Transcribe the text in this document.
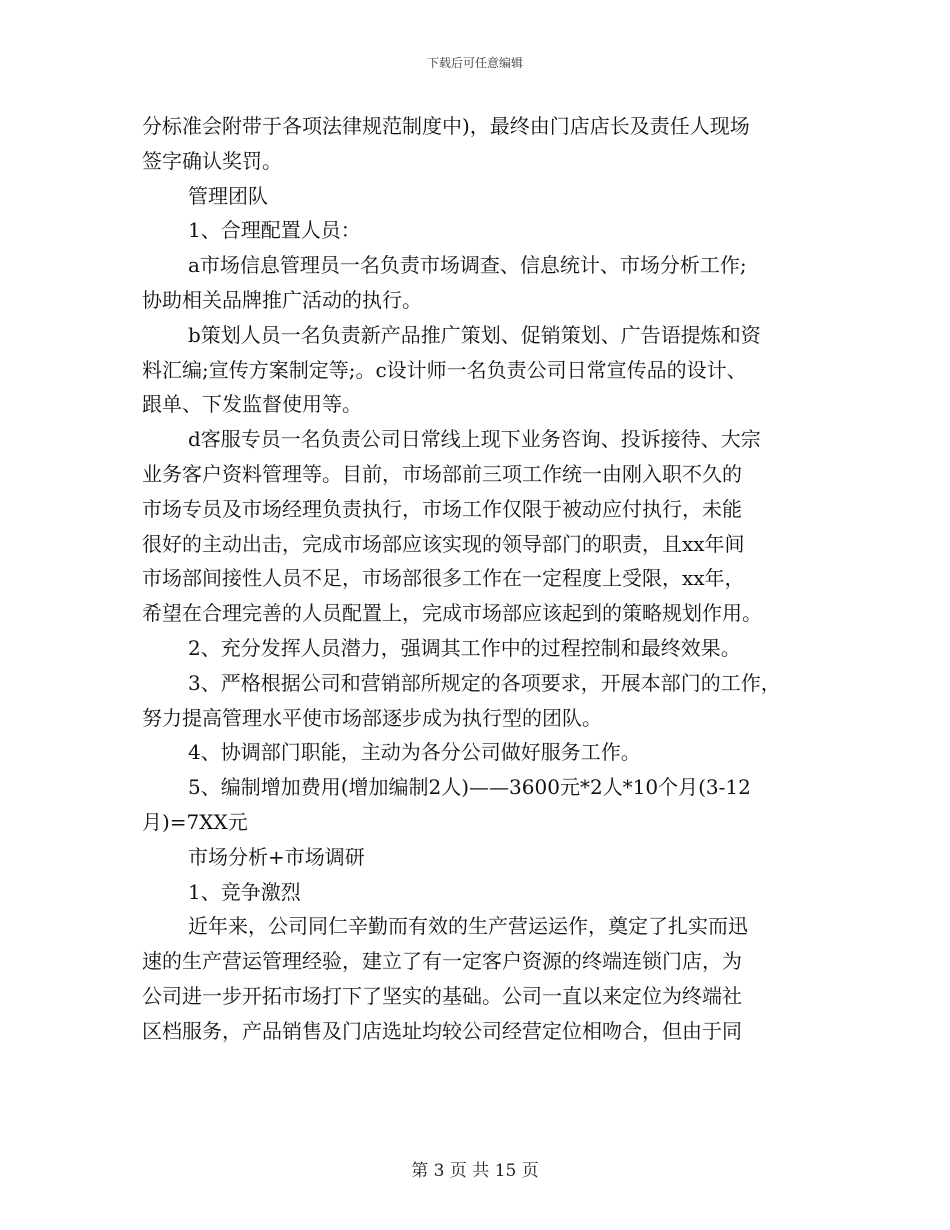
下载后可任意编辑
分标准会附带于各项法律规范制度中)，最终由门店店长及责任人现场
签字确认奖罚。
管理团队
1、合理配置人员：
a市场信息管理员一名负责市场调查、信息统计、市场分析工作;
协助相关品牌推广活动的执行。
b策划人员一名负责新产品推广策划、促销策划、广告语提炼和资
料汇编;宣传方案制定等;。c设计师一名负责公司日常宣传品的设计、
跟单、下发监督使用等。
d客服专员一名负责公司日常线上现下业务咨询、投诉接待、大宗
业务客户资料管理等。目前，市场部前三项工作统一由刚入职不久的
市场专员及市场经理负责执行，市场工作仅限于被动应付执行，未能
很好的主动出击，完成市场部应该实现的领导部门的职责，且xx年间
市场部间接性人员不足，市场部很多工作在一定程度上受限，xx年，
希望在合理完善的人员配置上，完成市场部应该起到的策略规划作用。
2、充分发挥人员潜力，强调其工作中的过程控制和最终效果。
3、严格根据公司和营销部所规定的各项要求，开展本部门的工作，
努力提高管理水平使市场部逐步成为执行型的团队。
4、协调部门职能，主动为各分公司做好服务工作。
5、编制增加费用(增加编制2人)——3600元*2人*10个月(3-12
月)=7XX元
市场分析+市场调研
1、竞争激烈
近年来，公司同仁辛勤而有效的生产营运运作，奠定了扎实而迅
速的生产营运管理经验，建立了有一定客户资源的终端连锁门店，为
公司进一步开拓市场打下了坚实的基础。公司一直以来定位为终端社
区档服务，产品销售及门店选址均较公司经营定位相吻合，但由于同
第 3 页 共 15 页
